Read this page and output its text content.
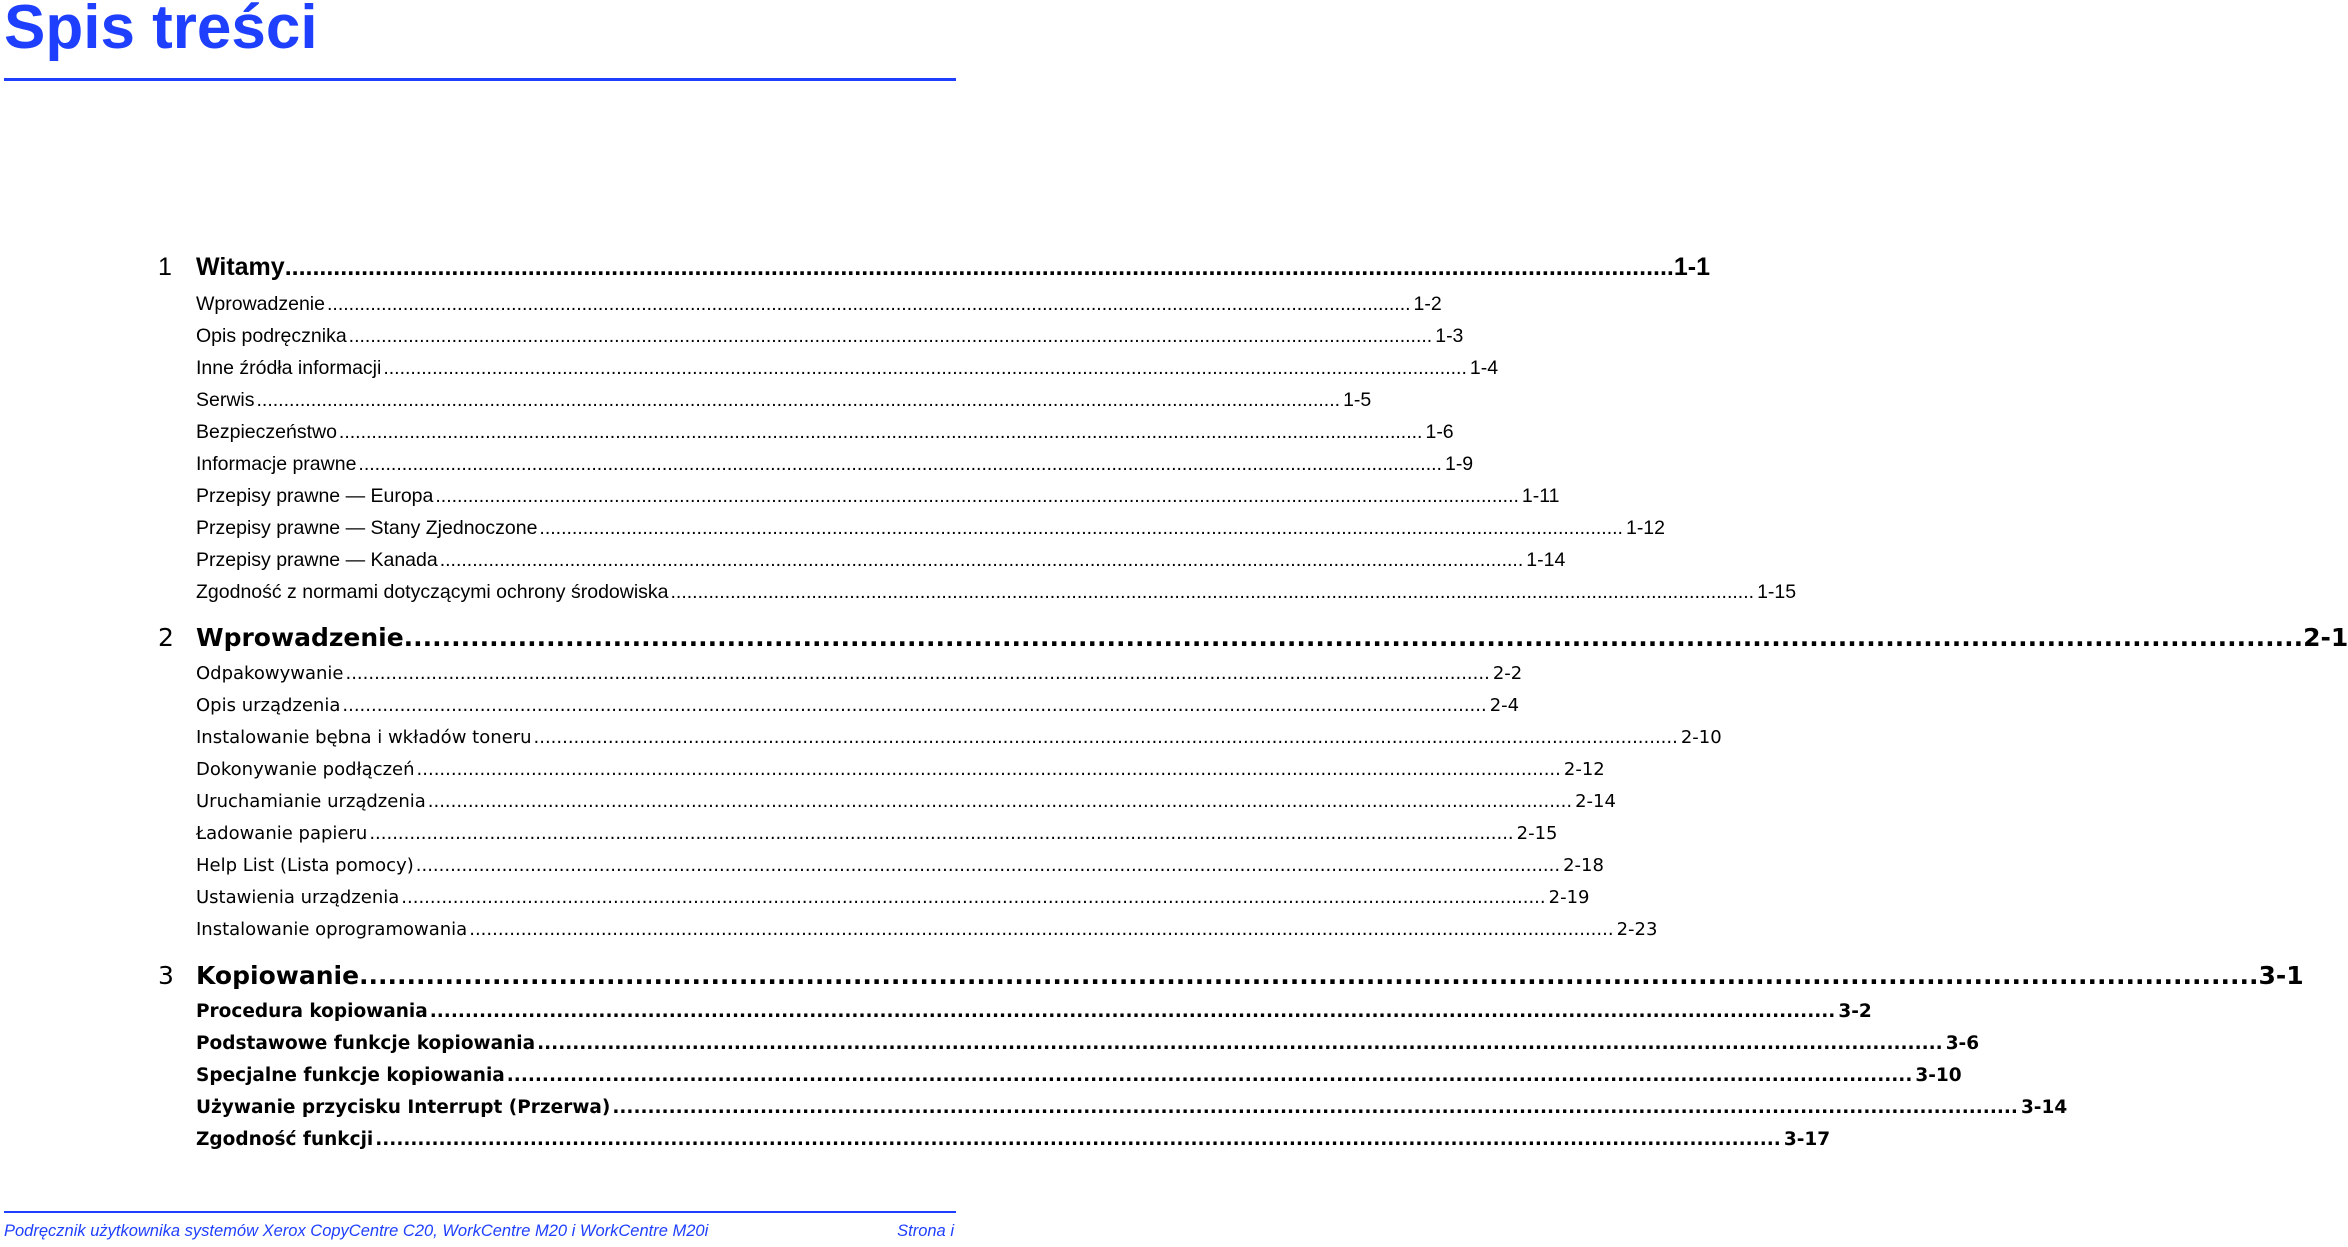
Spis treści
1 Witamy ........................................................................................................................................................................................................ 1-1
Wprowadzenie ........................................................................................................................................................................................................ 1-2
Opis podręcznika ........................................................................................................................................................................................................ 1-3
Inne źródła informacji ........................................................................................................................................................................................................ 1-4
Serwis ........................................................................................................................................................................................................ 1-5
Bezpieczeństwo ........................................................................................................................................................................................................ 1-6
Informacje prawne ........................................................................................................................................................................................................ 1-9
Przepisy prawne — Europa ........................................................................................................................................................................................................ 1-11
Przepisy prawne — Stany Zjednoczone ........................................................................................................................................................................................................ 1-12
Przepisy prawne — Kanada ........................................................................................................................................................................................................ 1-14
Zgodność z normami dotyczącymi ochrony środowiska ........................................................................................................................................................................................................ 1-15
2 Wprowadzenie ........................................................................................................................................................................................................ 2-1
Odpakowywanie ........................................................................................................................................................................................................ 2-2
Opis urządzenia ........................................................................................................................................................................................................ 2-4
Instalowanie bębna i wkładów toneru ........................................................................................................................................................................................................ 2-10
Dokonywanie podłączeń ........................................................................................................................................................................................................ 2-12
Uruchamianie urządzenia ........................................................................................................................................................................................................ 2-14
Ładowanie papieru ........................................................................................................................................................................................................ 2-15
Help List (Lista pomocy) ........................................................................................................................................................................................................ 2-18
Ustawienia urządzenia ........................................................................................................................................................................................................ 2-19
Instalowanie oprogramowania ........................................................................................................................................................................................................ 2-23
3 Kopiowanie ........................................................................................................................................................................................................ 3-1
Procedura kopiowania ........................................................................................................................................................................................................ 3-2
Podstawowe funkcje kopiowania ........................................................................................................................................................................................................ 3-6
Specjalne funkcje kopiowania ........................................................................................................................................................................................................ 3-10
Używanie przycisku Interrupt (Przerwa) ........................................................................................................................................................................................................ 3-14
Zgodność funkcji ........................................................................................................................................................................................................ 3-17
Podręcznik użytkownika systemów Xerox CopyCentre C20, WorkCentre M20 i WorkCentre M20i	Strona i
